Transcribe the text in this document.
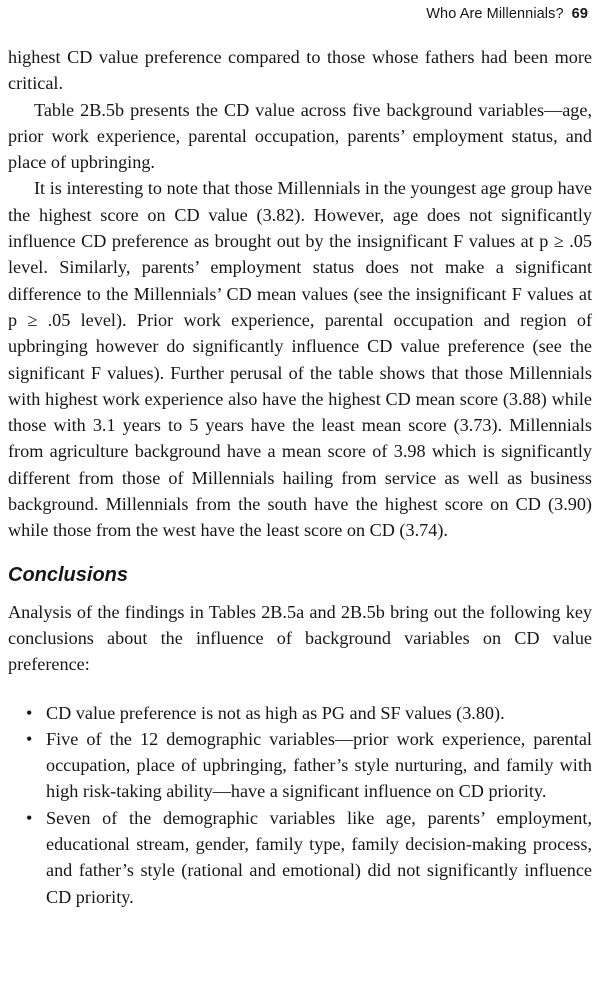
Who Are Millennials? 69

highest CD value preference compared to those whose fathers had been more critical.

Table 2B.5b presents the CD value across five background variables—age, prior work experience, parental occupation, parents’ employment status, and place of upbringing.

It is interesting to note that those Millennials in the youngest age group have the highest score on CD value (3.82). However, age does not significantly influence CD preference as brought out by the insignificant F values at p ≥ .05 level. Similarly, parents’ employment status does not make a significant difference to the Millennials’ CD mean values (see the insignificant F values at p ≥ .05 level). Prior work experience, parental occupation and region of upbringing however do significantly influence CD value preference (see the significant F values). Further perusal of the table shows that those Millennials with highest work experience also have the highest CD mean score (3.88) while those with 3.1 years to 5 years have the least mean score (3.73). Millennials from agriculture background have a mean score of 3.98 which is significantly different from those of Millennials hailing from service as well as business background. Millennials from the south have the highest score on CD (3.90) while those from the west have the least score on CD (3.74).

Conclusions

Analysis of the findings in Tables 2B.5a and 2B.5b bring out the following key conclusions about the influence of background variables on CD value preference:

• CD value preference is not as high as PG and SF values (3.80).
• Five of the 12 demographic variables—prior work experience, parental occupation, place of upbringing, father’s style nurturing, and family with high risk-taking ability—have a significant influence on CD priority.
• Seven of the demographic variables like age, parents’ employment, educational stream, gender, family type, family decision-making process, and father’s style (rational and emotional) did not significantly influence CD priority.
